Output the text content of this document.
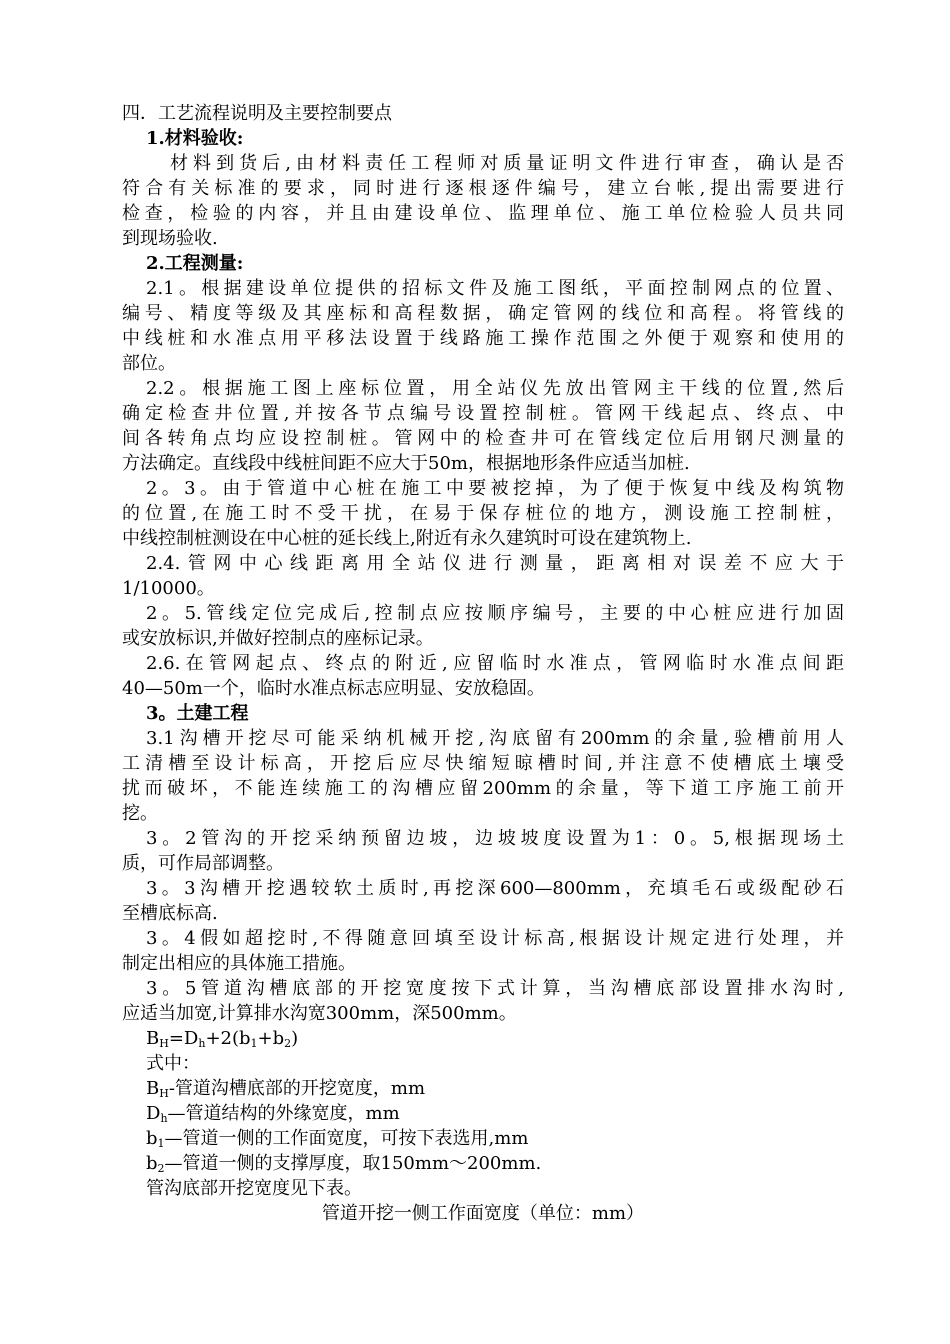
四．工艺流程说明及主要控制要点

1.材料验收:

材料到货后,由材料责任工程师对质量证明文件进行审查，确认是否

符合有关标准的要求，同时进行逐根逐件编号，建立台帐,提出需要进行

检查，检验的内容，并且由建设单位、监理单位、施工单位检验人员共同

到现场验收.

2.工程测量:

2.1。根据建设单位提供的招标文件及施工图纸，平面控制网点的位置、

编号、精度等级及其座标和高程数据，确定管网的线位和高程。将管线的

中线桩和水准点用平移法设置于线路施工操作范围之外便于观察和使用的

部位。

2.2。根据施工图上座标位置，用全站仪先放出管网主干线的位置,然后

确定检查井位置,并按各节点编号设置控制桩。管网干线起点、终点、中

间各转角点均应设控制桩。管网中的检查井可在管线定位后用钢尺测量的

方法确定。直线段中线桩间距不应大于50m，根据地形条件应适当加桩.

2。3。由于管道中心桩在施工中要被挖掉，为了便于恢复中线及构筑物

的位置,在施工时不受干扰，在易于保存桩位的地方，测设施工控制桩，

中线控制桩测设在中心桩的延长线上,附近有永久建筑时可设在建筑物上.

2.4.管网中心线距离用全站仪进行测量，距离相对误差不应大于

1/10000。

2。5.管线定位完成后,控制点应按顺序编号，主要的中心桩应进行加固

或安放标识,并做好控制点的座标记录。

2.6.在管网起点、终点的附近,应留临时水准点，管网临时水准点间距

40—50m一个，临时水准点标志应明显、安放稳固。

3。土建工程

3.1沟槽开挖尽可能采纳机械开挖,沟底留有200mm的余量,验槽前用人

工清槽至设计标高，开挖后应尽快缩短晾槽时间,并注意不使槽底土壤受

扰而破坏，不能连续施工的沟槽应留200mm的余量，等下道工序施工前开

挖。

3。2管沟的开挖采纳预留边坡，边坡坡度设置为1：0。5,根据现场土

质，可作局部调整。

3。3沟槽开挖遇较软土质时,再挖深600—800mm，充填毛石或级配砂石

至槽底标高.

3。4假如超挖时,不得随意回填至设计标高,根据设计规定进行处理，并

制定出相应的具体施工措施。

3。5管道沟槽底部的开挖宽度按下式计算，当沟槽底部设置排水沟时,

应适当加宽,计算排水沟宽300mm，深500mm。

$B_H=D_h+2(b_1+b_2)$

式中：

$B_H-$管道沟槽底部的开挖宽度，mm

$D_h—$管道结构的外缘宽度，mm

$b_1—$管道一侧的工作面宽度，可按下表选用,mm

$b_2—$管道一侧的支撑厚度，取150mm～200mm.

管沟底部开挖宽度见下表。

管道开挖一侧工作面宽度（单位：mm）
